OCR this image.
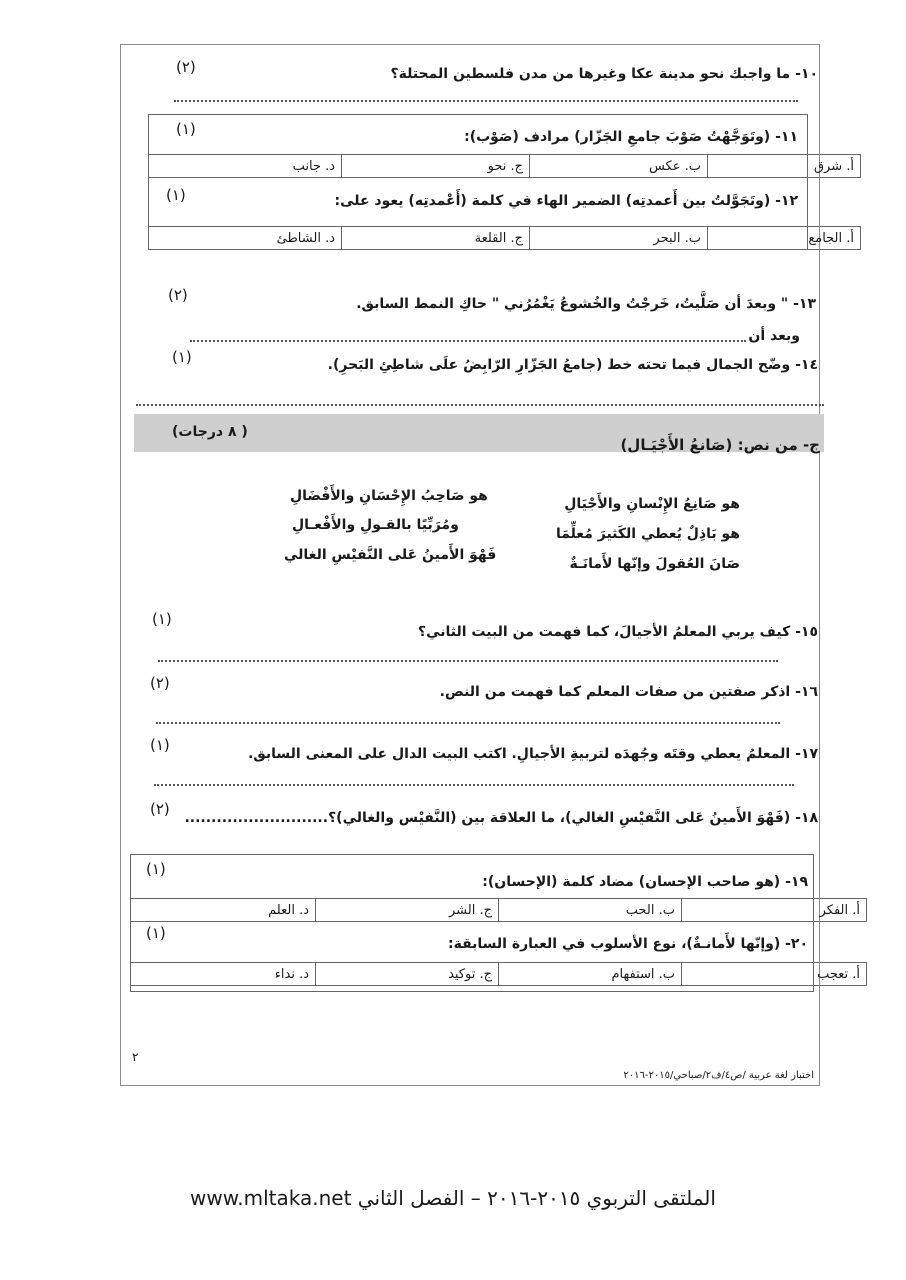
١٠- ما واجبك نحو مدينة عكا وغيرها من مدن فلسطين المحتلة؟
(٢)
١١- (وتَوَجَّهْتُ صَوْبَ جامعِ الجَزّار) مرادف (صَوْب):
(١)
أ. شرق	ب. عكس	ج. نحو	د. جانب
١٢- (وتَجَوَّلتُ بين أَعمدتِه) الضمير الهاء في كلمة (أَعْمدتِه) يعود على:
(١)
أ. الجامع	ب. البحر	ج. القلعة	د. الشاطئ
١٣- " وبعدَ أن صَلَّيتُ، خَرجْتُ والخُشوعُ يَغْمُرُني " حاكِ النمط السابق.
(٢)
وبعد أن
١٤- وضّح الجمال فيما تحته خط (جامعُ الجَزّارِ الرّابِضُ علَى شاطِئِ البَحرِ).
(١)
ج- من نص: (صَانعُ الأَجْيَـال)
( ٨ درجات)
هو صَانِعُ الإِنْسانِ والأَجْيَالِ
هو صَاحِبُ الإِحْسَانِ والأَفْضَالِ
هو بَاذِلٌ يُعطي الكَثيرَ مُعلِّمَا
ومُرَبِّيًا بالقـولِ والأَفْعـالِ
صَانَ العُقولَ وإنّها لأَمانَـةٌ
فَهْوَ الأَمينُ عَلى النَّفيْسِ الغالي
١٥- كيف يربي المعلمُ الأجيالَ، كما فهمت من البيت الثاني؟
(١)
١٦- اذكر صفتين من صفات المعلم كما فهمت من النص.
(٢)
١٧- المعلمُ يعطي وقتَه وجُهدَه لتربيةِ الأجيالِ. اكتب البيت الدال على المعنى السابق.
(١)
١٨- (فَهْوَ الأَمينُ عَلى النَّفيْسِ الغالي)، ما العلاقة بين (النَّفيْس والغالي)؟...........................
(٢)
١٩- (هو صاحب الإحسان) مضاد كلمة (الإحسان):
(١)
أ. الفكر	ب. الحب	ج. الشر	د. العلم
٢٠- (وإنّها لأَمانـةٌ)، نوع الأسلوب في العبارة السابقة:
(١)
أ. تعجب	ب. استفهام	ج. توكيد	د. نداء
٢
اختبار لغة عربية /ص٤/ف٢/صباحي/٢٠١٥-٢٠١٦
الملتقى التربوي ٢٠١٥-٢٠١٦ – الفصل الثاني www.mltaka.net
